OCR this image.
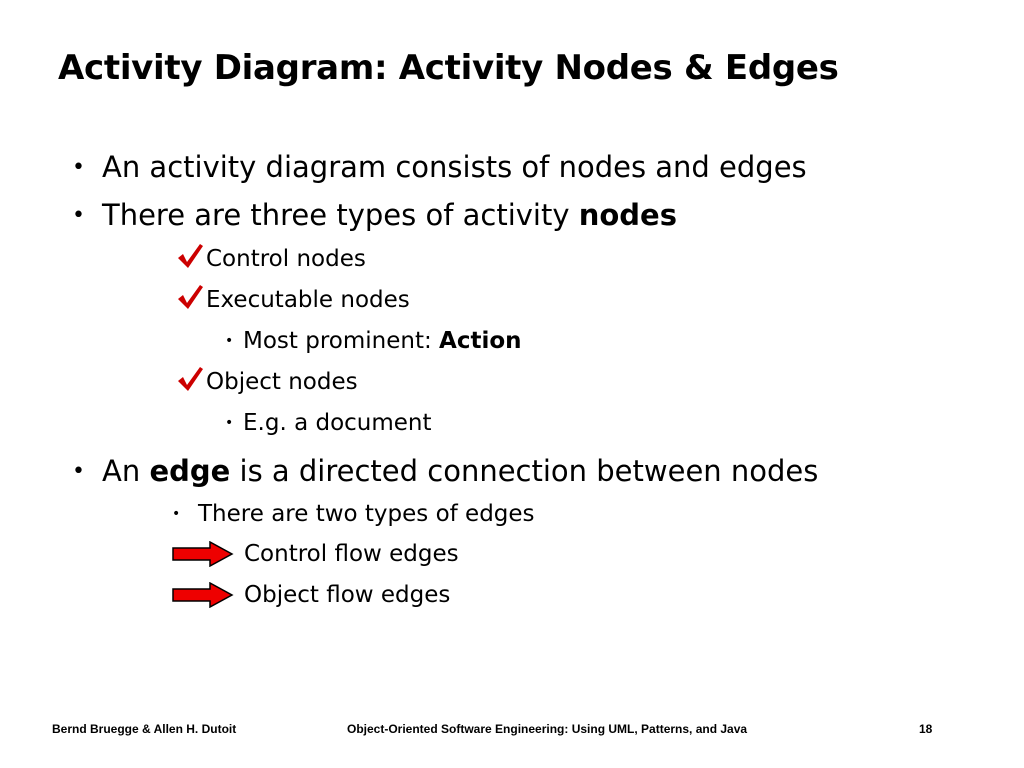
Activity Diagram: Activity Nodes & Edges
• An activity diagram consists of nodes and edges
• There are three types of activity nodes
Control nodes
Executable nodes
• Most prominent: Action
Object nodes
• E.g. a document
• An edge is a directed connection between nodes
• There are two types of edges
Control flow edges
Object flow edges
Bernd Bruegge & Allen H. Dutoit	Object-Oriented Software Engineering: Using UML, Patterns, and Java	18
